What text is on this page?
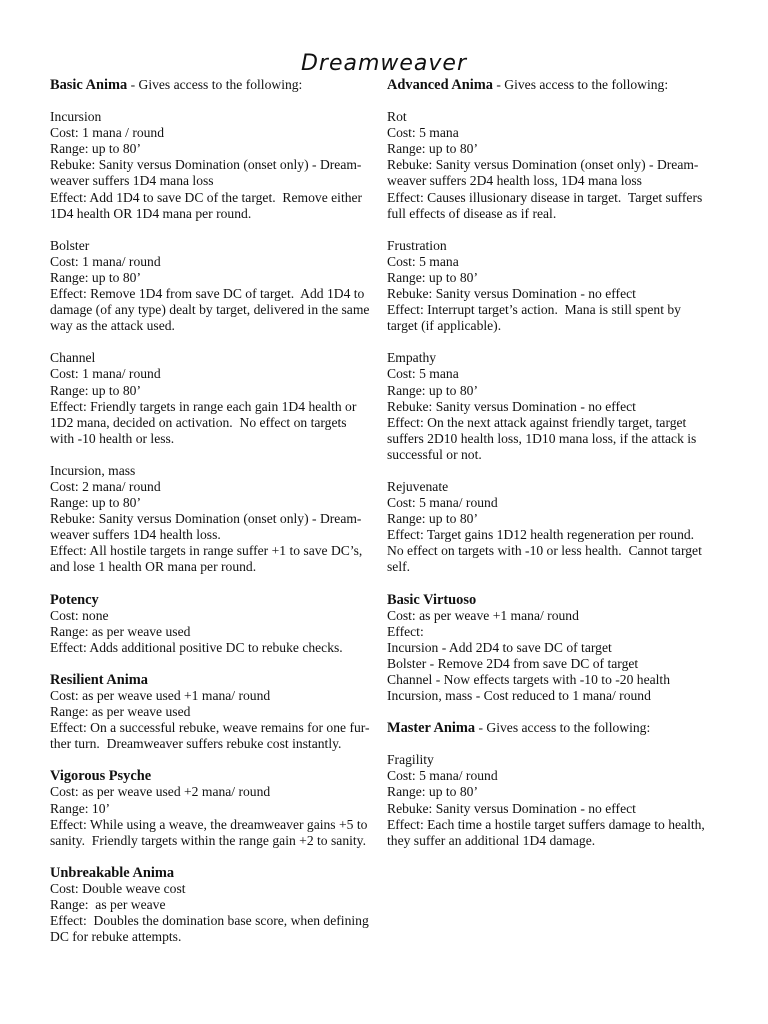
Dreamweaver
Basic Anima - Gives access to the following:
Incursion
Cost: 1 mana / round
Range: up to 80’
Rebuke: Sanity versus Domination (onset only) - Dream-
weaver suffers 1D4 mana loss
Effect: Add 1D4 to save DC of the target.  Remove either
1D4 health OR 1D4 mana per round.
Bolster
Cost: 1 mana/ round
Range: up to 80’
Effect: Remove 1D4 from save DC of target.  Add 1D4 to
damage (of any type) dealt by target, delivered in the same
way as the attack used.
Channel
Cost: 1 mana/ round
Range: up to 80’
Effect: Friendly targets in range each gain 1D4 health or
1D2 mana, decided on activation.  No effect on targets
with -10 health or less.
Incursion, mass
Cost: 2 mana/ round
Range: up to 80’
Rebuke: Sanity versus Domination (onset only) - Dream-
weaver suffers 1D4 health loss.
Effect: All hostile targets in range suffer +1 to save DC’s,
and lose 1 health OR mana per round.
Potency
Cost: none
Range: as per weave used
Effect: Adds additional positive DC to rebuke checks.
Resilient Anima
Cost: as per weave used +1 mana/ round
Range: as per weave used
Effect: On a successful rebuke, weave remains for one fur-
ther turn.  Dreamweaver suffers rebuke cost instantly.
Vigorous Psyche
Cost: as per weave used +2 mana/ round
Range: 10’
Effect: While using a weave, the dreamweaver gains +5 to
sanity.  Friendly targets within the range gain +2 to sanity.
Unbreakable Anima
Cost: Double weave cost
Range:  as per weave
Effect:  Doubles the domination base score, when defining
DC for rebuke attempts.
Advanced Anima - Gives access to the following:
Rot
Cost: 5 mana
Range: up to 80’
Rebuke: Sanity versus Domination (onset only) - Dream-
weaver suffers 2D4 health loss, 1D4 mana loss
Effect: Causes illusionary disease in target.  Target suffers
full effects of disease as if real.
Frustration
Cost: 5 mana
Range: up to 80’
Rebuke: Sanity versus Domination - no effect
Effect: Interrupt target’s action.  Mana is still spent by
target (if applicable).
Empathy
Cost: 5 mana
Range: up to 80’
Rebuke: Sanity versus Domination - no effect
Effect: On the next attack against friendly target, target
suffers 2D10 health loss, 1D10 mana loss, if the attack is
successful or not.
Rejuvenate
Cost: 5 mana/ round
Range: up to 80’
Effect: Target gains 1D12 health regeneration per round.
No effect on targets with -10 or less health.  Cannot target
self.
Basic Virtuoso
Cost: as per weave +1 mana/ round
Effect:
Incursion - Add 2D4 to save DC of target
Bolster - Remove 2D4 from save DC of target
Channel - Now effects targets with -10 to -20 health
Incursion, mass - Cost reduced to 1 mana/ round
Master Anima - Gives access to the following:
Fragility
Cost: 5 mana/ round
Range: up to 80’
Rebuke: Sanity versus Domination - no effect
Effect: Each time a hostile target suffers damage to health,
they suffer an additional 1D4 damage.
